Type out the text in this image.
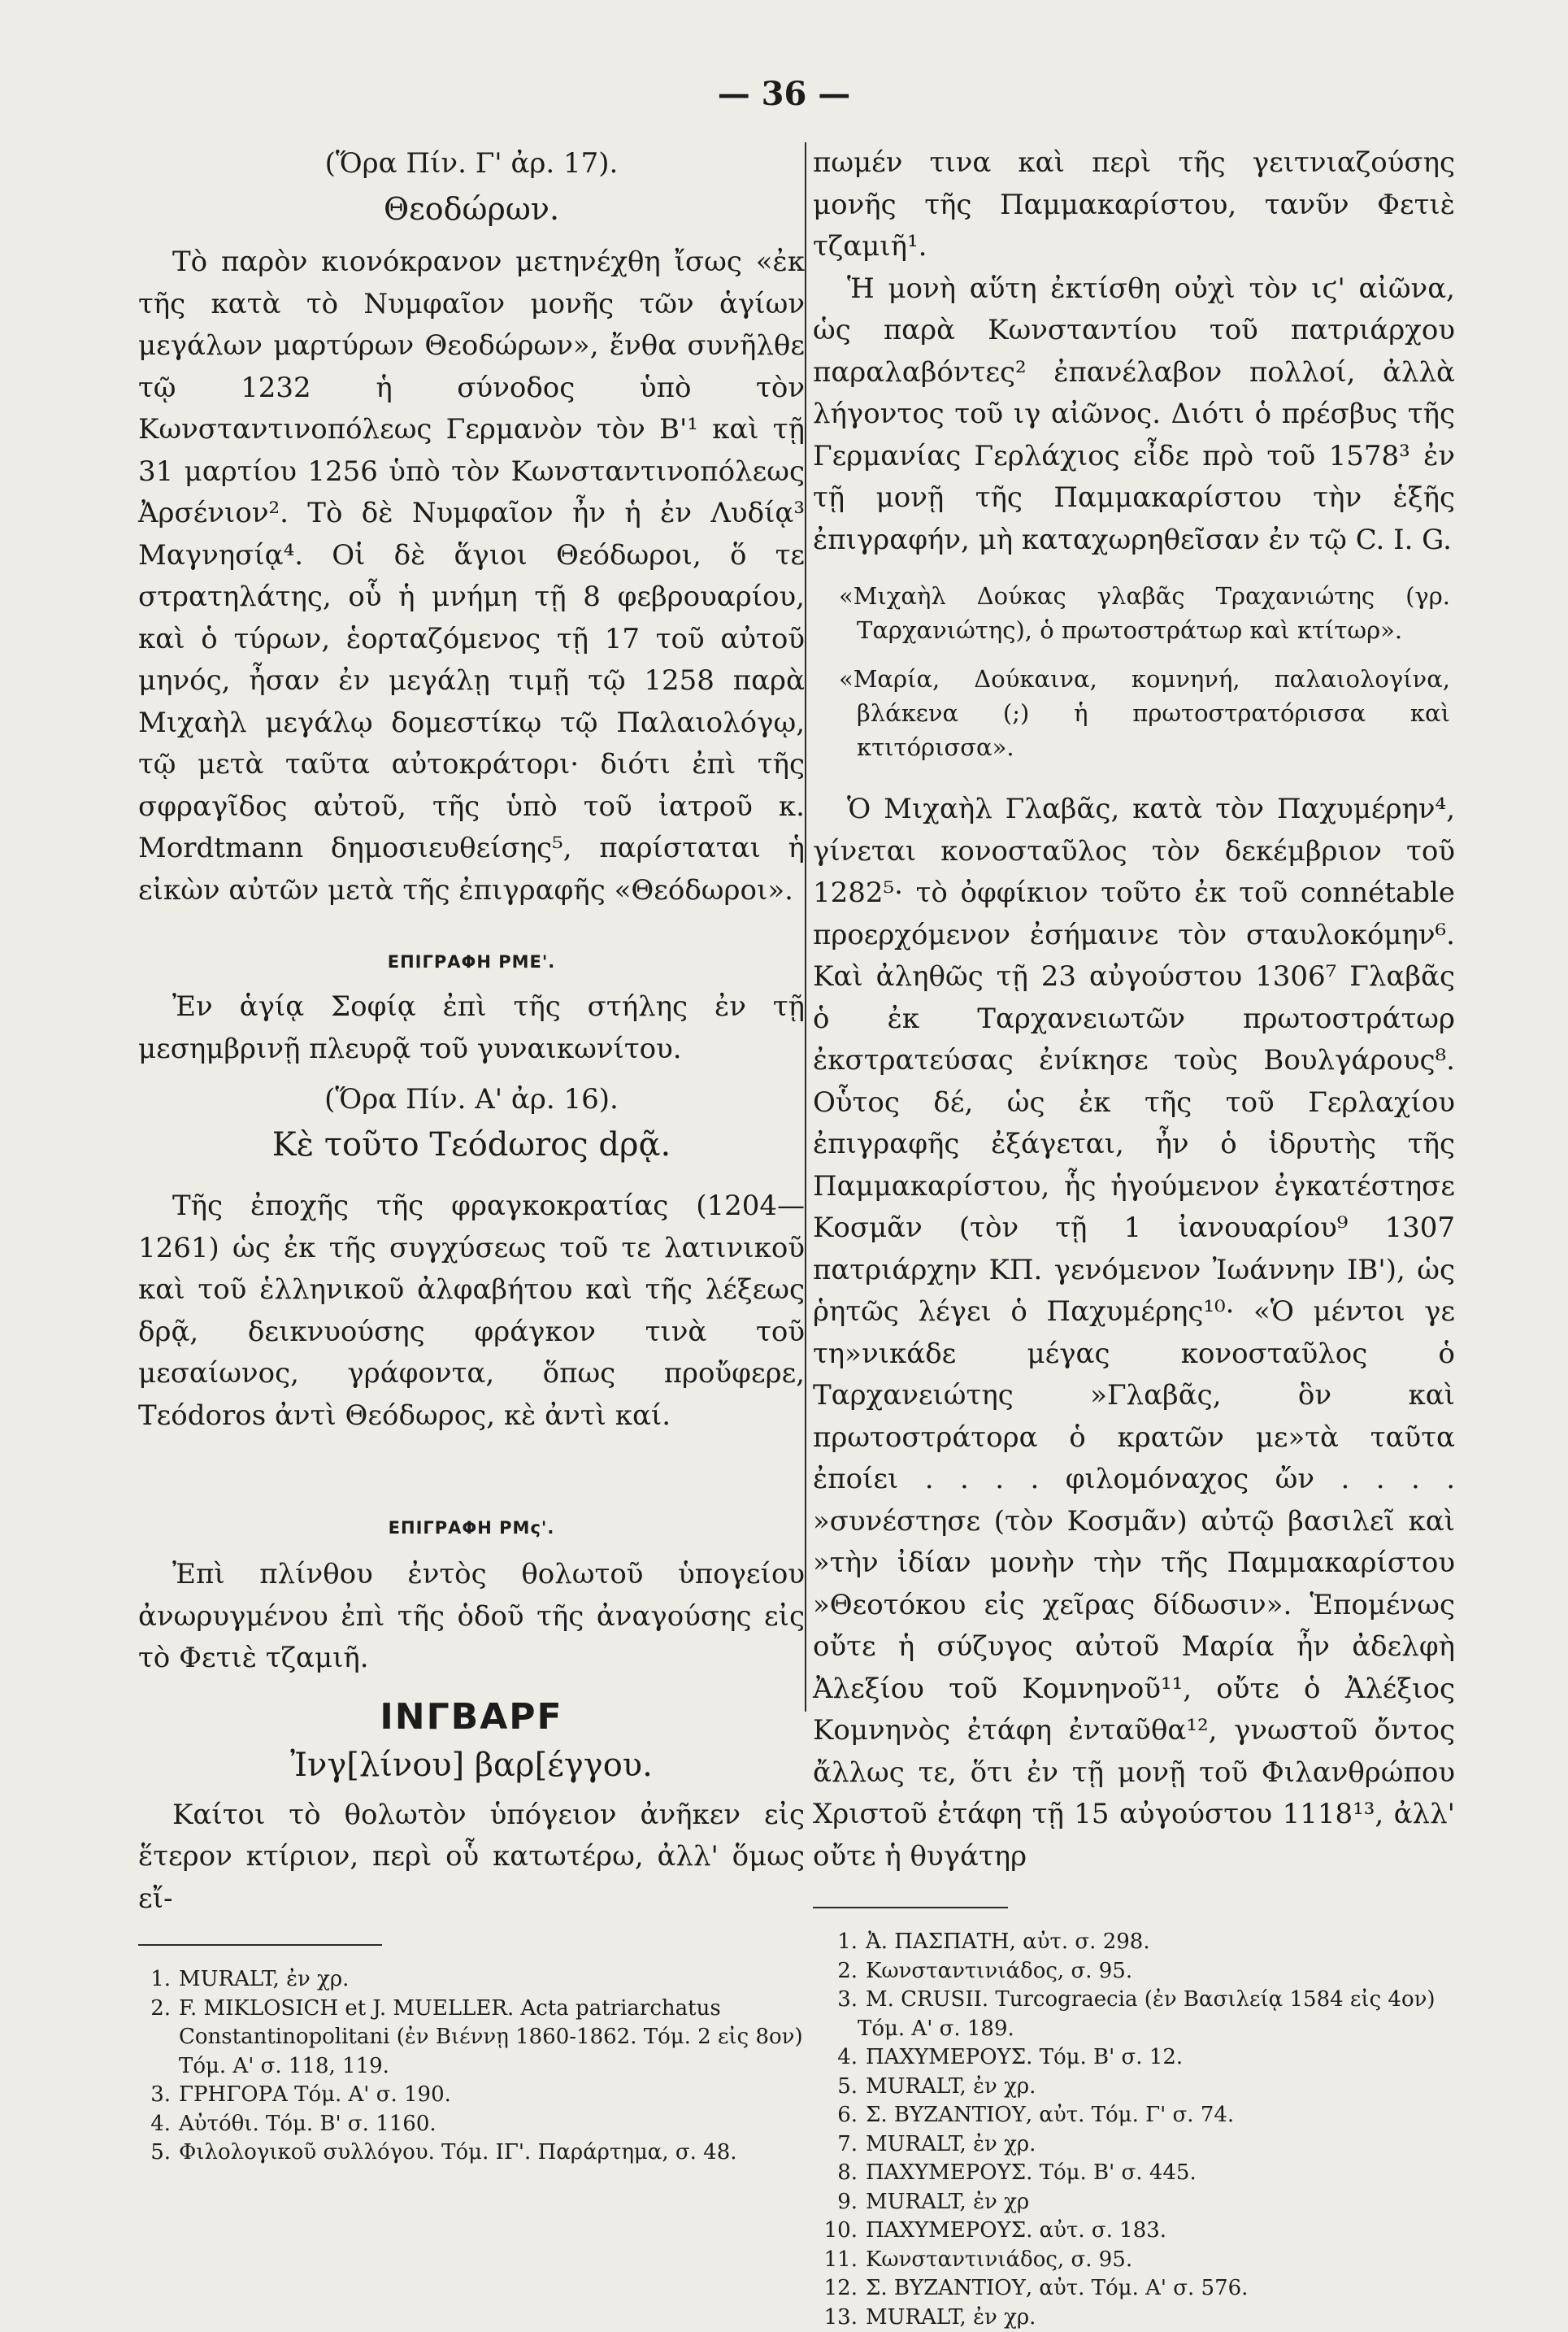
— 36 —

(Ὅρα Πίν. Γ' ἀρ. 17).

Θεοδώρων.

Τὸ παρὸν κιονόκρανον μετηνέχθη ἴσως «ἐκ τῆς κατὰ τὸ Νυμφαῖον μονῆς τῶν ἁγίων μεγάλων μαρτύρων Θεοδώρων», ἔνθα συνῆλθε τῷ 1232 ἡ σύνοδος ὑπὸ τὸν Κωνσταντινοπόλεως Γερμανὸν τὸν Β'¹ καὶ τῇ 31 μαρτίου 1256 ὑπὸ τὸν Κωνσταντινοπόλεως Ἀρσένιον². Τὸ δὲ Νυμφαῖον ἦν ἡ ἐν Λυδίᾳ³ Μαγνησίᾳ⁴. Οἱ δὲ ἅγιοι Θεόδωροι, ὅ τε στρατηλάτης, οὗ ἡ μνήμη τῇ 8 φεβρουαρίου, καὶ ὁ τύρων, ἑορταζόμενος τῇ 17 τοῦ αὐτοῦ μηνός, ἦσαν ἐν μεγάλῃ τιμῇ τῷ 1258 παρὰ Μιχαὴλ μεγάλῳ δομεστίκῳ τῷ Παλαιολόγῳ, τῷ μετὰ ταῦτα αὐτοκράτορι· διότι ἐπὶ τῆς σφραγῖδος αὐτοῦ, τῆς ὑπὸ τοῦ ἰατροῦ κ. Mordtmann δημοσιευθείσης⁵, παρίσταται ἡ εἰκὼν αὐτῶν μετὰ τῆς ἐπιγραφῆς «Θεόδωροι».

ΕΠΙΓΡΑΦΗ ΡΜΕ'.

Ἐν ἁγίᾳ Σοφίᾳ ἐπὶ τῆς στήλης ἐν τῇ μεσημβρινῇ πλευρᾷ τοῦ γυναικωνίτου.

(Ὅρα Πίν. Α' ἀρ. 16).

Kὲ τοῦτο Τεόdωrος dρᾷ.

Τῆς ἐποχῆς τῆς φραγκοκρατίας (1204—1261) ὡς ἐκ τῆς συγχύσεως τοῦ τε λατινικοῦ καὶ τοῦ ἑλληνικοῦ ἀλφαβήτου καὶ τῆς λέξεως δρᾷ, δεικνυούσης φράγκον τινὰ τοῦ μεσαίωνος, γράφοντα, ὅπως προὔφερε, Τεόdoros ἀντὶ Θεόδωρος, κὲ ἀντὶ καί.

ΕΠΙΓΡΑΦΗ ΡΜς'.

Ἐπὶ πλίνθου ἐντὸς θολωτοῦ ὑπογείου ἀνωρυγμένου ἐπὶ τῆς ὁδοῦ τῆς ἀναγούσης εἰς τὸ Φετιὲ τζαμιῆ.

ΙΝΓΒΑΡF

Ἰνγ[λίνου] βαρ[έγγου.

Καίτοι τὸ θολωτὸν ὑπόγειον ἀνῆκεν εἰς ἕτερον κτίριον, περὶ οὗ κατωτέρω, ἀλλ' ὅμως εἴ-

1. MURALT, ἐν χρ.
2. F. MIKLOSICH et J. MUELLER. Acta patriarchatus Constantinopolitani (ἐν Βιέννῃ 1860-1862. Τόμ. 2 εἰς 8ον) Τόμ. Α' σ. 118, 119.
3. ΓΡΗΓΟΡΑ Τόμ. Α' σ. 190.
4. Αὐτόθι. Τόμ. Β' σ. 1160.
5. Φιλολογικοῦ συλλόγου. Τόμ. ΙΓ'. Παράρτημα, σ. 48.

πωμέν τινα καὶ περὶ τῆς γειτνιαζούσης μονῆς τῆς Παμμακαρίστου, τανῦν Φετιὲ τζαμιῆ¹.

Ἡ μονὴ αὕτη ἐκτίσθη οὐχὶ τὸν ιϛ' αἰῶνα, ὡς παρὰ Κωνσταντίου τοῦ πατριάρχου παραλαβόντες² ἐπανέλαβον πολλοί, ἀλλὰ λήγοντος τοῦ ιγ αἰῶνος. Διότι ὁ πρέσβυς τῆς Γερμανίας Γερλάχιος εἶδε πρὸ τοῦ 1578³ ἐν τῇ μονῇ τῆς Παμμακαρίστου τὴν ἑξῆς ἐπιγραφήν, μὴ καταχωρηθεῖσαν ἐν τῷ C. I. G.

«Μιχαὴλ Δούκας γλαβᾶς Τραχανιώτης (γρ. Ταρχανιώτης), ὁ πρωτοστράτωρ καὶ κτίτωρ».

«Μαρία, Δούκαινα, κομνηνή, παλαιολογίνα, βλάκενα (;) ἡ πρωτοστρατόρισσα καὶ κτιτόρισσα».

Ὁ Μιχαὴλ Γλαβᾶς, κατὰ τὸν Παχυμέρην⁴, γίνεται κονοσταῦλος τὸν δεκέμβριον τοῦ 1282⁵· τὸ ὀφφίκιον τοῦτο ἐκ τοῦ connétable προερχόμενον ἐσήμαινε τὸν σταυλοκόμην⁶. Καὶ ἀληθῶς τῇ 23 αὐγούστου 1306⁷ Γλαβᾶς ὁ ἐκ Ταρχανειωτῶν πρωτοστράτωρ ἐκστρατεύσας ἐνίκησε τοὺς Βουλγάρους⁸. Οὗτος δέ, ὡς ἐκ τῆς τοῦ Γερλαχίου ἐπιγραφῆς ἐξάγεται, ἦν ὁ ἱδρυτὴς τῆς Παμμακαρίστου, ἧς ἡγούμενον ἐγκατέστησε Κοσμᾶν (τὸν τῇ 1 ἰανουαρίου⁹ 1307 πατριάρχην ΚΠ. γενόμενον Ἰωάννην ΙΒ'), ὡς ῥητῶς λέγει ὁ Παχυμέρης¹⁰· «Ὁ μέντοι γε τη»νικάδε μέγας κονοσταῦλος ὁ Ταρχανειώτης »Γλαβᾶς, ὃν καὶ πρωτοστράτορα ὁ κρατῶν με»τὰ ταῦτα ἐποίει . . . . φιλομόναχος ὤν . . . . »συνέστησε (τὸν Κοσμᾶν) αὐτῷ βασιλεῖ καὶ »τὴν ἰδίαν μονὴν τὴν τῆς Παμμακαρίστου »Θεοτόκου εἰς χεῖρας δίδωσιν». Ἑπομένως οὔτε ἡ σύζυγος αὐτοῦ Μαρία ἦν ἀδελφὴ Ἀλεξίου τοῦ Κομνηνοῦ¹¹, οὔτε ὁ Ἀλέξιος Κομνηνὸς ἐτάφη ἐνταῦθα¹², γνωστοῦ ὄντος ἄλλως τε, ὅτι ἐν τῇ μονῇ τοῦ Φιλανθρώπου Χριστοῦ ἐτάφη τῇ 15 αὐγούστου 1118¹³, ἀλλ' οὔτε ἡ θυγάτηρ

1. Ἀ. ΠΑΣΠΑΤΗ, αὐτ. σ. 298.
2. Κωνσταντινιάδος, σ. 95.
3. M. CRUSII. Turcograecia (ἐν Βασιλείᾳ 1584 εἰς 4ον) Τόμ. Α' σ. 189.
4. ΠΑΧΥΜΕΡΟΥΣ. Τόμ. Β' σ. 12.
5. MURALT, ἐν χρ.
6. Σ. ΒΥΖΑΝΤΙΟΥ, αὐτ. Τόμ. Γ' σ. 74.
7. MURALT, ἐν χρ.
8. ΠΑΧΥΜΕΡΟΥΣ. Τόμ. Β' σ. 445.
9. MURALT, ἐν χρ
10. ΠΑΧΥΜΕΡΟΥΣ. αὐτ. σ. 183.
11. Κωνσταντινιάδος, σ. 95.
12. Σ. ΒΥΖΑΝΤΙΟΥ, αὐτ. Τόμ. Α' σ. 576.
13. MURALT, ἐν χρ.
